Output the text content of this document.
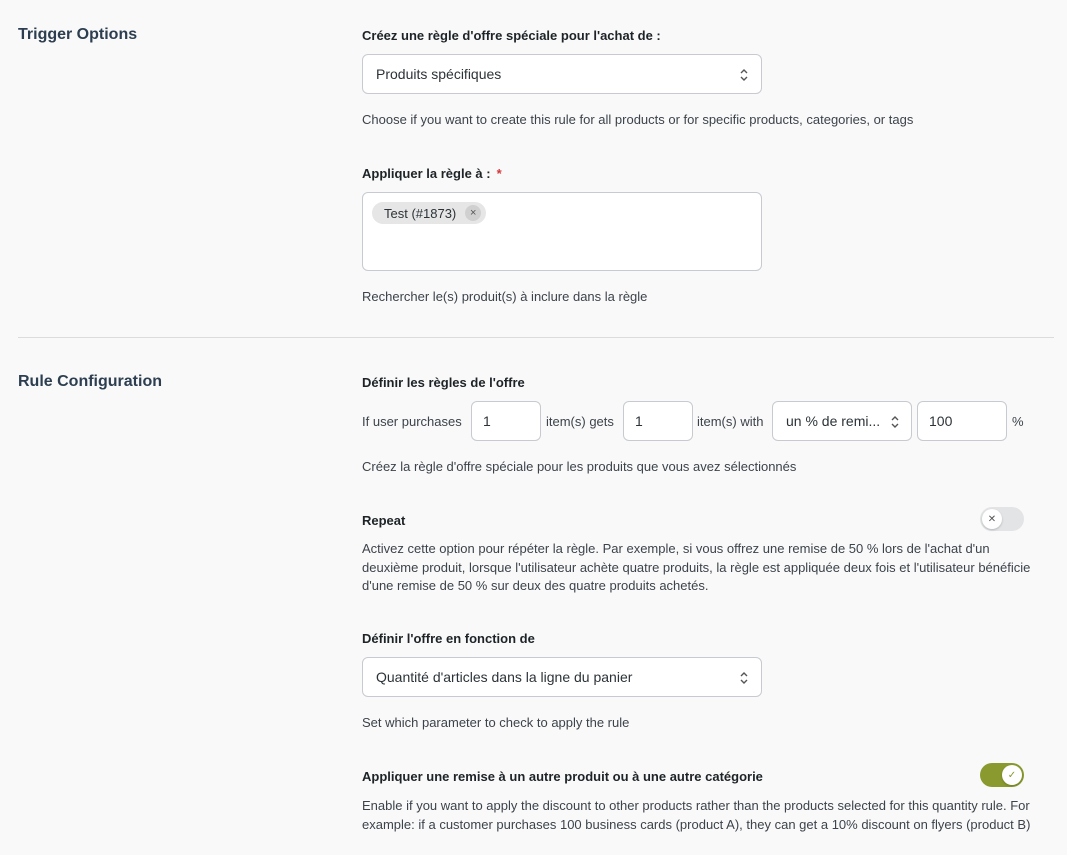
Trigger Options	Créez une règle d'offre spéciale pour l'achat de :
Produits spécifiques
Choose if you want to create this rule for all products or for specific products, categories, or tags
Appliquer la règle à : *
Test (#1873)	×
Rechercher le(s) produit(s) à inclure dans la règle
Rule Configuration	Définir les règles de l'offre
If user purchases	1	item(s) gets	1	item(s) with un % de remi...	100	%
Créez la règle d'offre spéciale pour les produits que vous avez sélectionnés
Repeat	✕
Activez cette option pour répéter la règle. Par exemple, si vous offrez une remise de 50 % lors de l'achat d'un deuxième produit, lorsque l'utilisateur achète quatre produits, la règle est appliquée deux fois et l'utilisateur bénéficie d'une remise de 50 % sur deux des quatre produits achetés.
Définir l'offre en fonction de
Quantité d'articles dans la ligne du panier
Set which parameter to check to apply the rule
Appliquer une remise à un autre produit ou à une autre catégorie	✓
Enable if you want to apply the discount to other products rather than the products selected for this quantity rule. For example: if a customer purchases 100 business cards (product A), they can get a 10% discount on flyers (product B)
